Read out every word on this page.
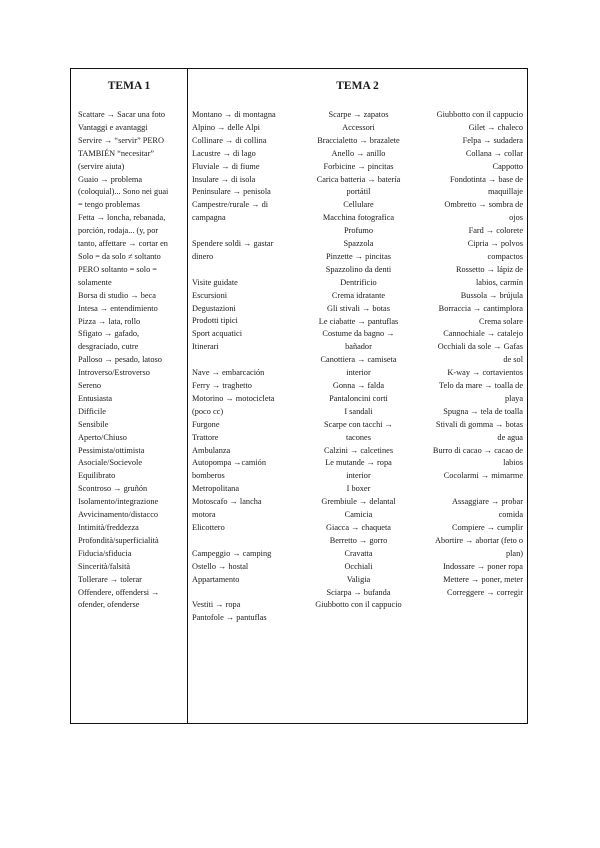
TEMA 1	TEMA 2
Scattare → Sacar una foto
Vantaggi e avantaggi
Servire → “servir” PERO
TAMBIÉN “necesitar”
(servire aiuta)
Guaio → problema
(coloquial)... Sono nei guai
= tengo problemas
Fetta → loncha, rebanada,
porción, rodaja... (y, por
tanto, affettare → cortar en
Solo = da solo ≠ soltanto
PERO soltanto = solo =
solamente
Borsa di studio → beca
Intesa → entendimiento
Pizza → lata, rollo
Sfigato → gafado,
desgraciado, cutre
Palloso → pesado, latoso
Introverso/Estroverso
Sereno
Entusiasta
Difficile
Sensibile
Aperto/Chiuso
Pessimista/ottimista
Asociale/Socievole
Equilibrato
Scontroso → gruñón
Isolamento/integrazione
Avvicinamento/distacco
Intimità/freddezza
Profondità/superficialità
Fiducia/sfiducia
Sincerità/falsità
Tollerare → tolerar
Offendere, offendersi →
ofender, ofenderse
Montano → di montagna
Alpino → delle Alpi
Collinare → di collina
Lacustre → di lago
Fluviale → di fiume
Insulare → di isola
Peninsulare → penisola
Campestre/rurale → di
campagna
Spendere soldi → gastar
dinero
Visite guidate
Escursioni
Degustazioni
Prodotti tipici
Sport acquatici
Itinerari
Nave → embarcación
Ferry → traghetto
Motorino → motocicleta
(poco cc)
Furgone
Trattore
Ambulanza
Autopompa →camión
bomberos
Metropolitana
Motoscafo → lancha
motora
Elicottero
Campeggio → camping
Ostello → hostal
Appartamento
Vestiti → ropa
Pantofole → pantuflas
Scarpe → zapatos
Accessori
Braccialetto → brazalete
Anello → anillo
Forbicine → pincitas
Carica batteria → batería
portátil
Cellulare
Macchina fotografica
Profumo
Spazzola
Pinzette → pincitas
Spazzolino da denti
Dentrificio
Crema idratante
Gli stivali → botas
Le ciabatte → pantuflas
Costume da bagno →
bañador
Canottiera → camiseta
interior
Gonna → falda
Pantaloncini corti
I sandali
Scarpe con tacchi →
tacones
Calzini → calcetines
Le mutande → ropa
interior
I boxer
Grembiule → delantal
Camicia
Giacca → chaqueta
Berretto → gorro
Cravatta
Occhiali
Valigia
Sciarpa → bufanda
Giubbotto con il cappucio
Giubbotto con il cappucio
Gilet → chaleco
Felpa → sudadera
Collana → collar
Cappotto
Fondotinta → base de
maquillaje
Ombretto → sombra de
ojos
Fard → colorete
Cipria → polvos
compactos
Rossetto → lápiz de
labios, carmín
Bussola → brújula
Borraccia → cantimplora
Crema solare
Cannochiale → catalejo
Occhiali da sole → Gafas
de sol
K-way → cortavientos
Telo da mare → toalla de
playa
Spugna → tela de toalla
Stivali di gomma → botas
de agua
Burro di cacao → cacao de
labios
Cocolarmi → mimarme
Assaggiare → probar
comida
Compiere → cumplir
Abortire → abortar (feto o
plan)
Indossare → poner ropa
Mettere → poner, meter
Correggere → corregir
